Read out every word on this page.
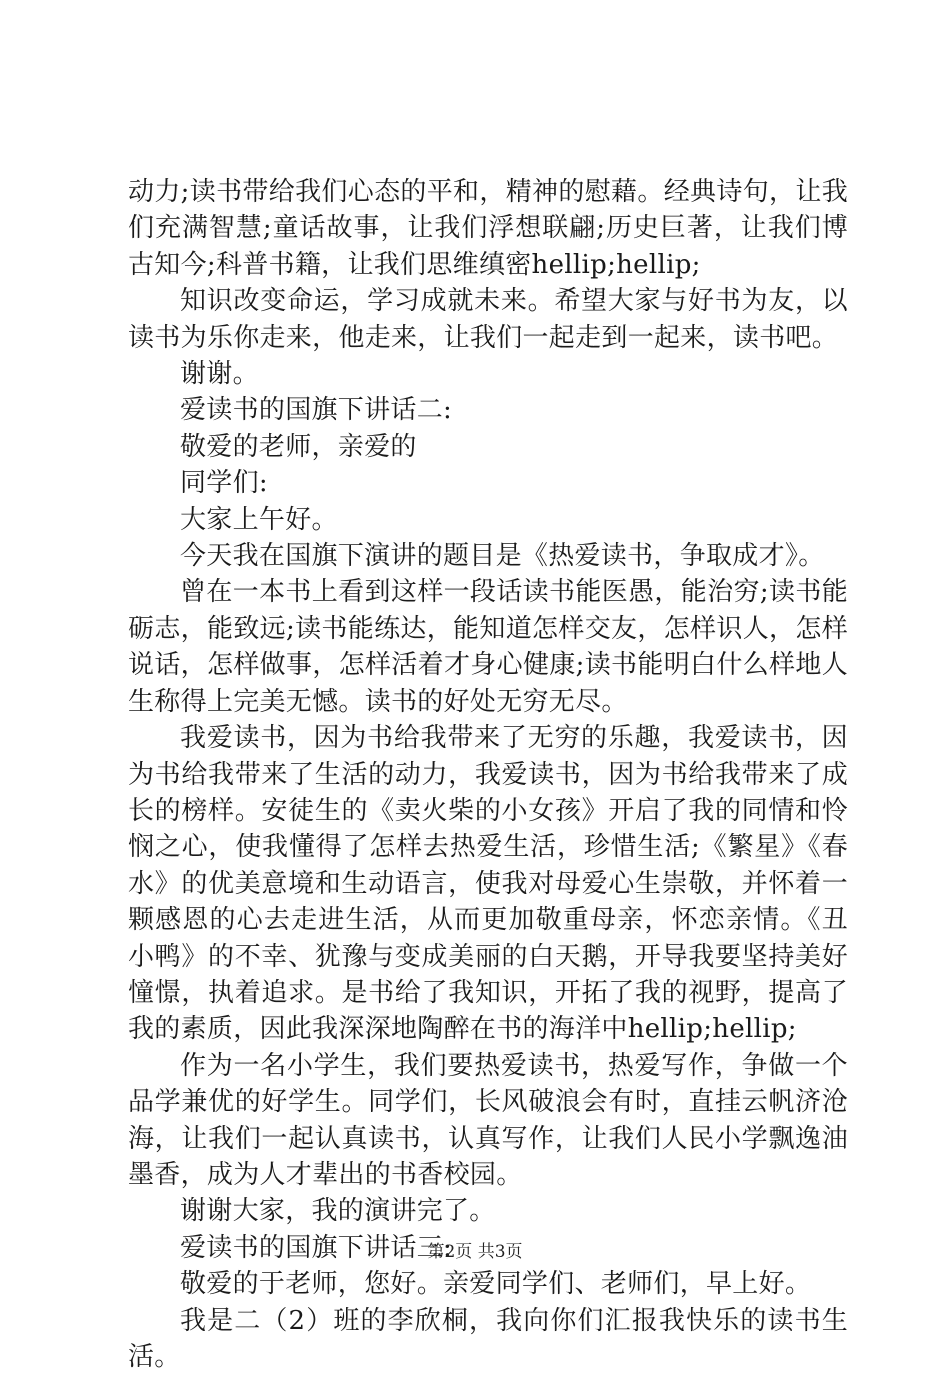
动力;读书带给我们心态的平和，精神的慰藉。经典诗句，让我们充满智慧;童话故事，让我们浮想联翩;历史巨著，让我们博古知今;科普书籍，让我们思维缜密hellip;hellip;

知识改变命运，学习成就未来。希望大家与好书为友，以读书为乐你走来，他走来，让我们一起走到一起来，读书吧。

谢谢。

爱读书的国旗下讲话二:

敬爱的老师，亲爱的

同学们:

大家上午好。

今天我在国旗下演讲的题目是《热爱读书，争取成才》。

曾在一本书上看到这样一段话读书能医愚，能治穷;读书能砺志，能致远;读书能练达，能知道怎样交友，怎样识人，怎样说话，怎样做事，怎样活着才身心健康;读书能明白什么样地人生称得上完美无憾。读书的好处无穷无尽。

我爱读书，因为书给我带来了无穷的乐趣，我爱读书，因为书给我带来了生活的动力，我爱读书，因为书给我带来了成长的榜样。安徒生的《卖火柴的小女孩》开启了我的同情和怜悯之心，使我懂得了怎样去热爱生活，珍惜生活;《繁星》《春水》的优美意境和生动语言，使我对母爱心生崇敬，并怀着一颗感恩的心去走进生活，从而更加敬重母亲，怀恋亲情。《丑小鸭》的不幸、犹豫与变成美丽的白天鹅，开导我要坚持美好憧憬，执着追求。是书给了我知识，开拓了我的视野，提高了我的素质，因此我深深地陶醉在书的海洋中hellip;hellip;

作为一名小学生，我们要热爱读书，热爱写作，争做一个品学兼优的好学生。同学们，长风破浪会有时，直挂云帆济沧海，让我们一起认真读书，认真写作，让我们人民小学飘逸油墨香，成为人才辈出的书香校园。

谢谢大家，我的演讲完了。

爱读书的国旗下讲话三:

敬爱的于老师，您好。亲爱同学们、老师们，早上好。

我是二（2）班的李欣桐，我向你们汇报我快乐的读书生活。

第2页 共3页
